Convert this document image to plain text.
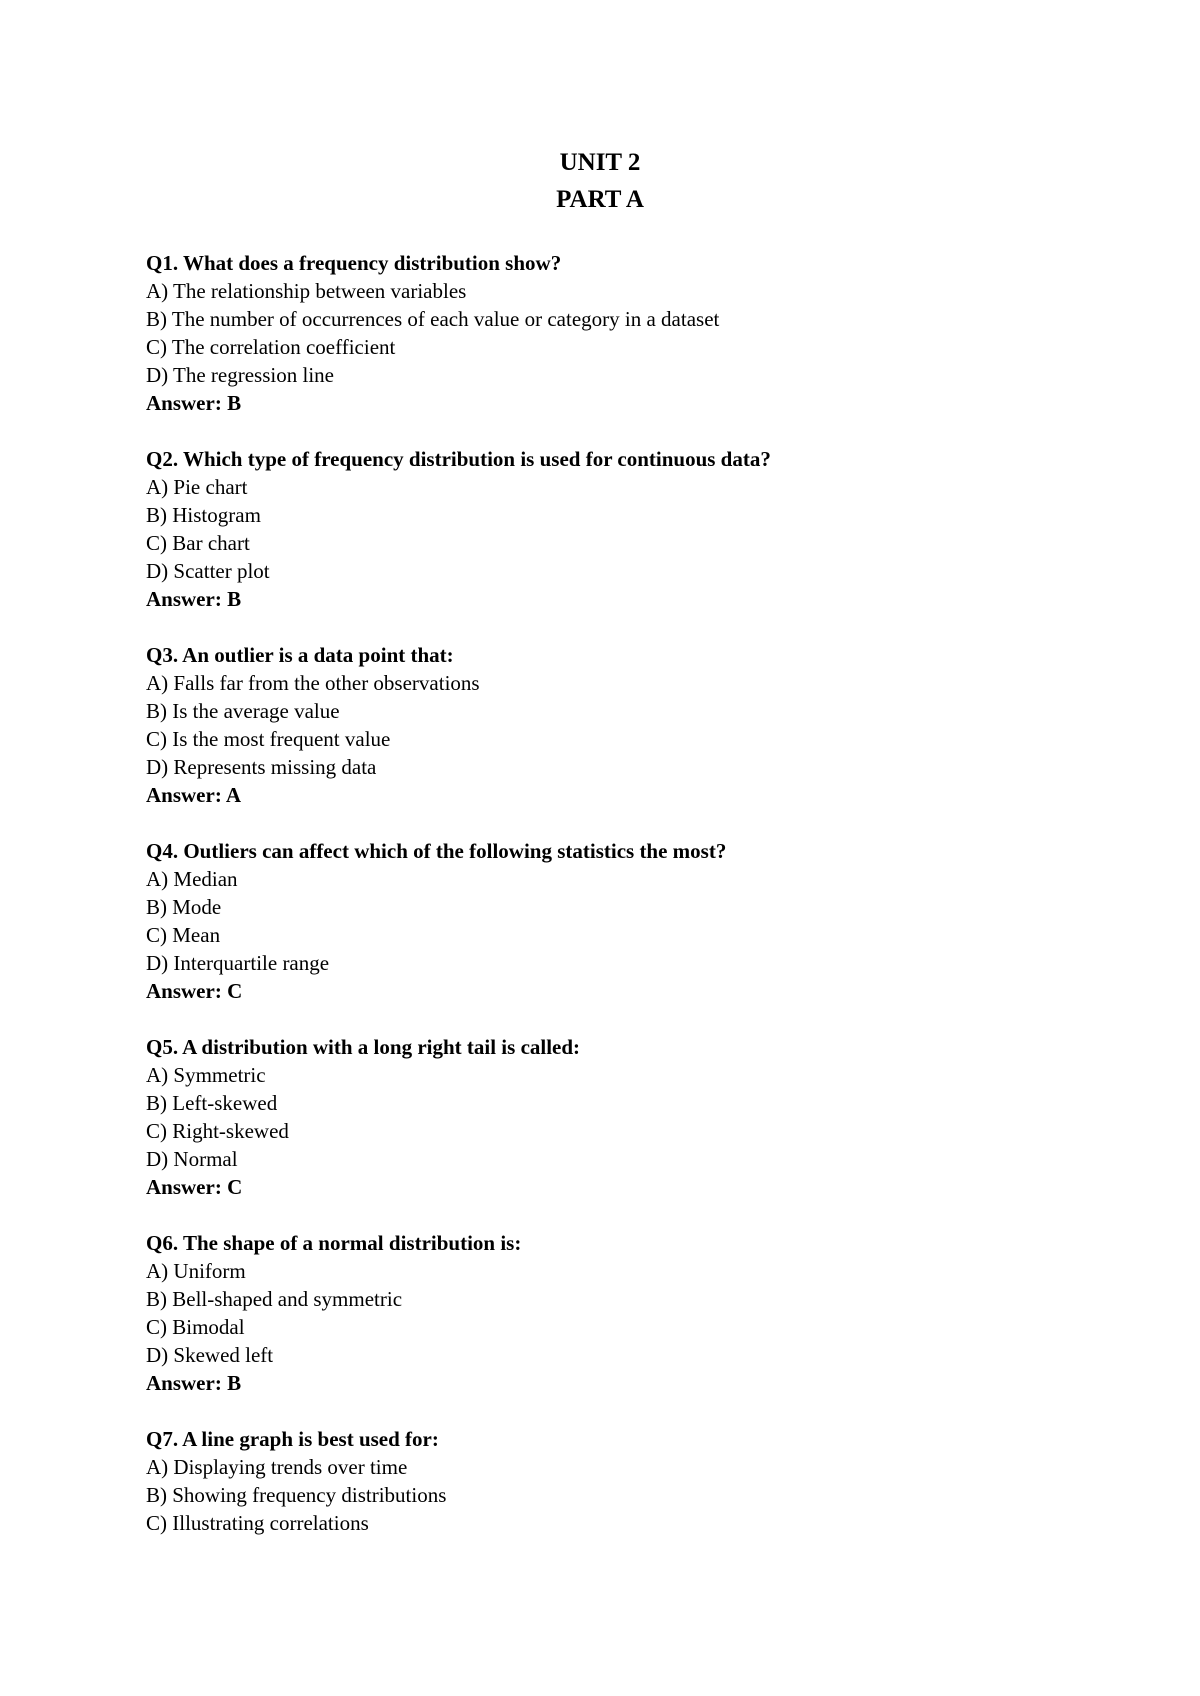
UNIT 2
PART A
Q1. What does a frequency distribution show?
A) The relationship between variables
B) The number of occurrences of each value or category in a dataset
C) The correlation coefficient
D) The regression line
Answer: B
Q2. Which type of frequency distribution is used for continuous data?
A) Pie chart
B) Histogram
C) Bar chart
D) Scatter plot
Answer: B
Q3. An outlier is a data point that:
A) Falls far from the other observations
B) Is the average value
C) Is the most frequent value
D) Represents missing data
Answer: A
Q4. Outliers can affect which of the following statistics the most?
A) Median
B) Mode
C) Mean
D) Interquartile range
Answer: C
Q5. A distribution with a long right tail is called:
A) Symmetric
B) Left-skewed
C) Right-skewed
D) Normal
Answer: C
Q6. The shape of a normal distribution is:
A) Uniform
B) Bell-shaped and symmetric
C) Bimodal
D) Skewed left
Answer: B
Q7. A line graph is best used for:
A) Displaying trends over time
B) Showing frequency distributions
C) Illustrating correlations
